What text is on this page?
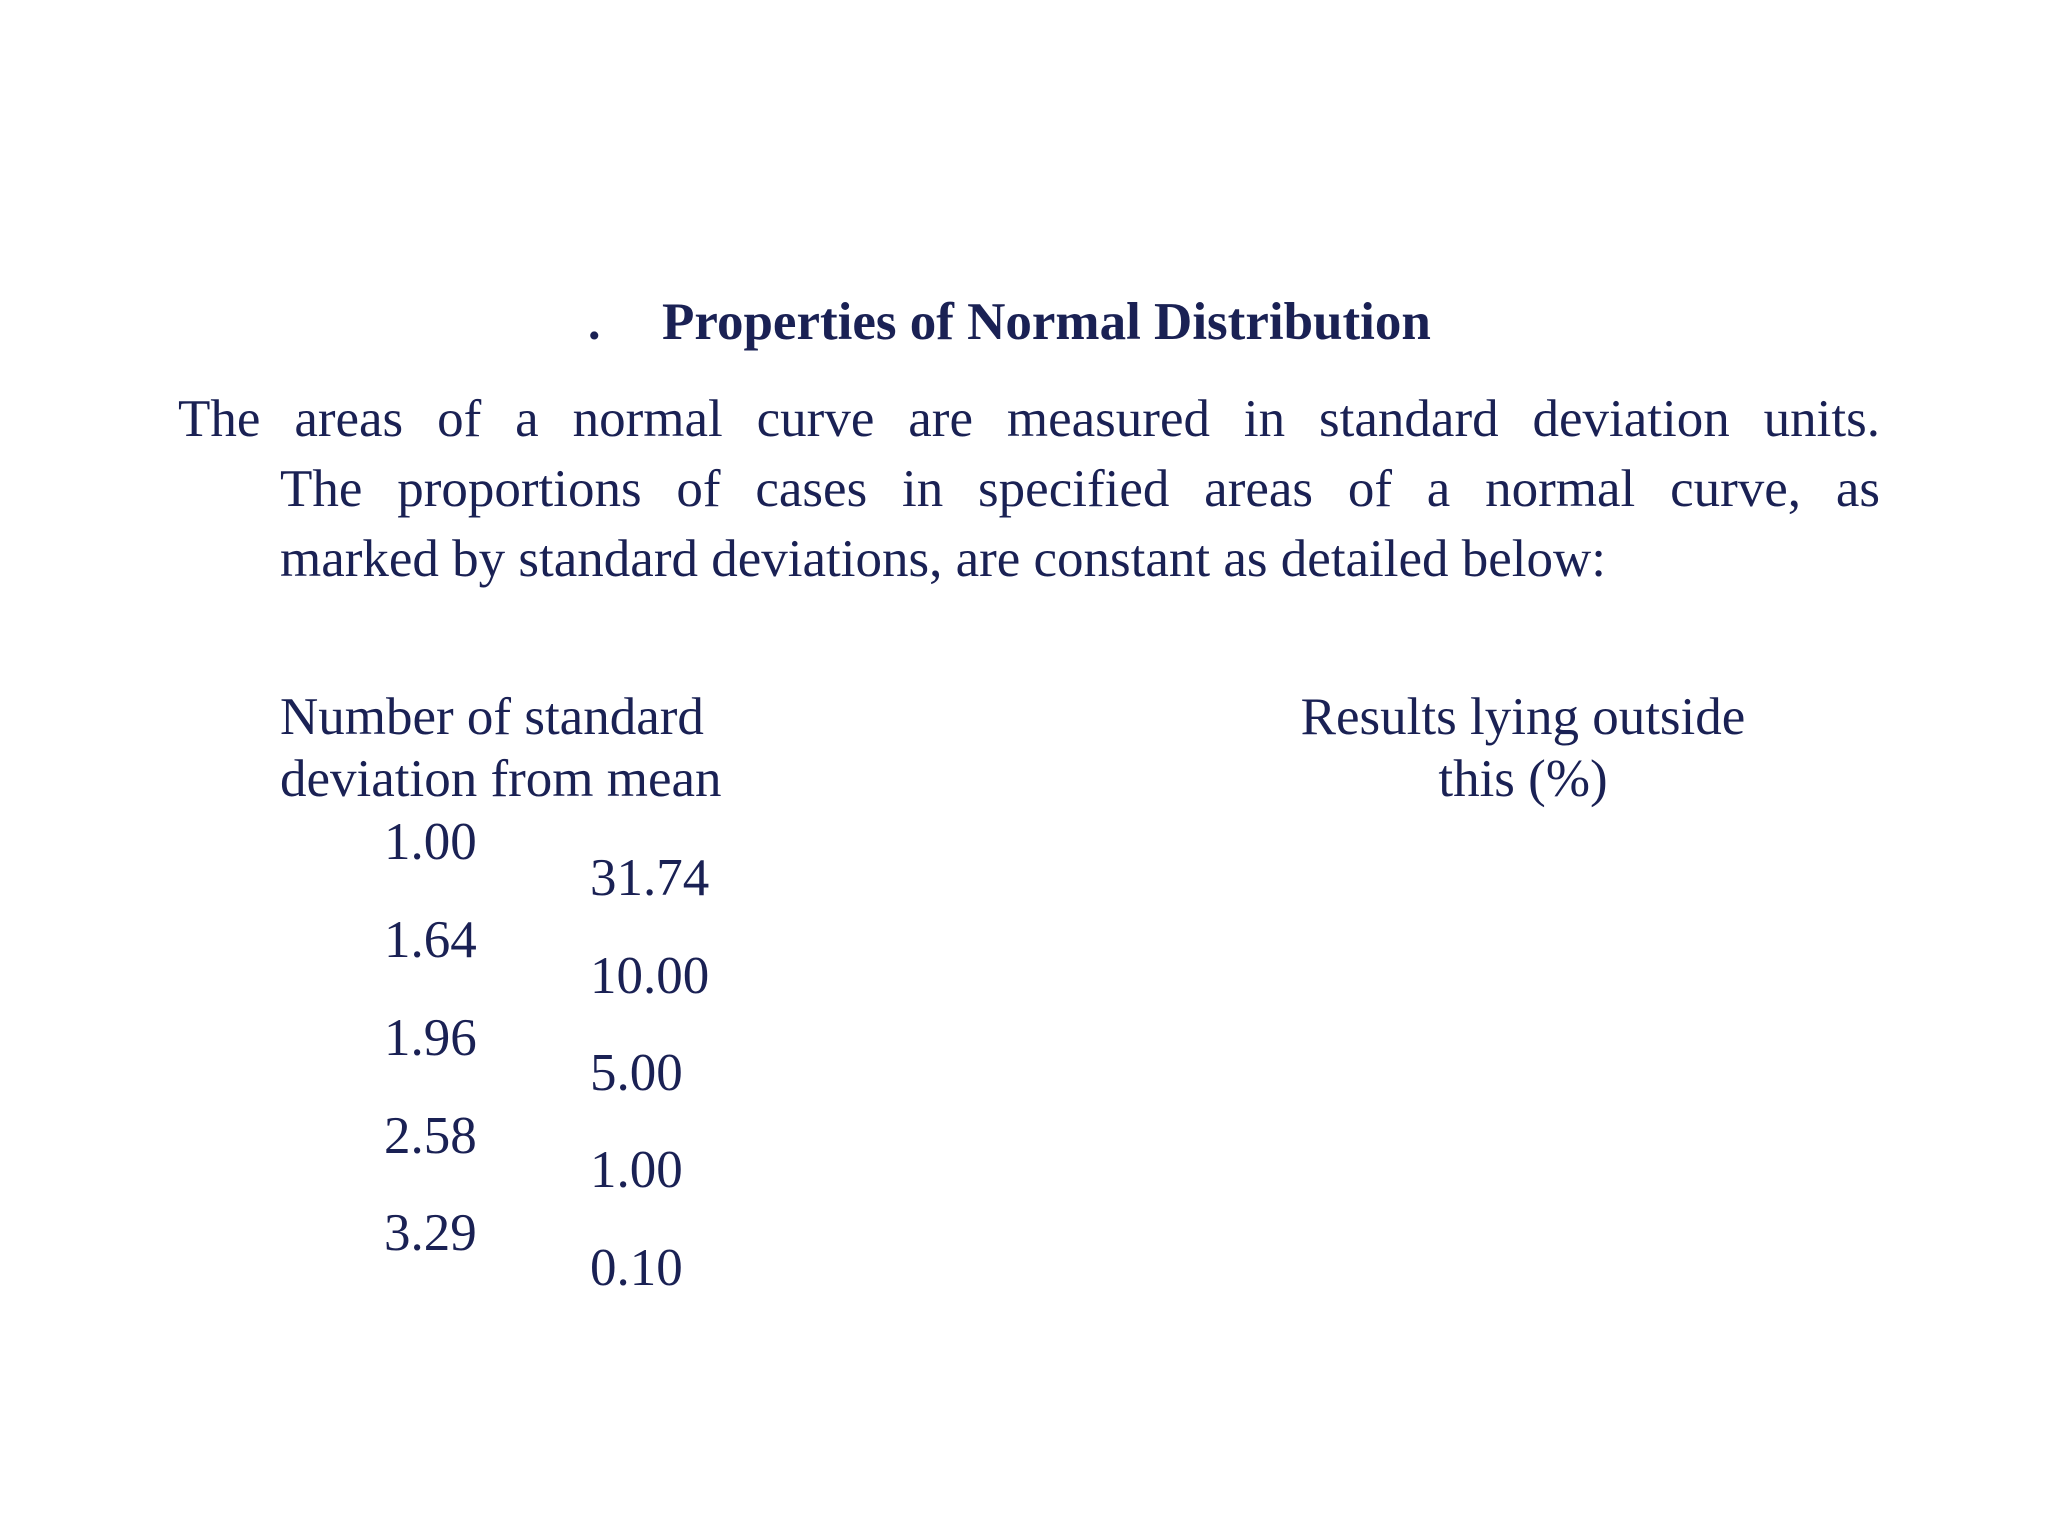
. Properties of Normal Distribution
The areas of a normal curve are measured in standard deviation units.
The proportions of cases in specified areas of a normal curve, as
marked by standard deviations, are constant as detailed below:
Number of standard
deviation from mean
Results lying outside
this (%)
1.00
31.74
1.64
10.00
1.96
5.00
2.58
1.00
3.29
0.10
